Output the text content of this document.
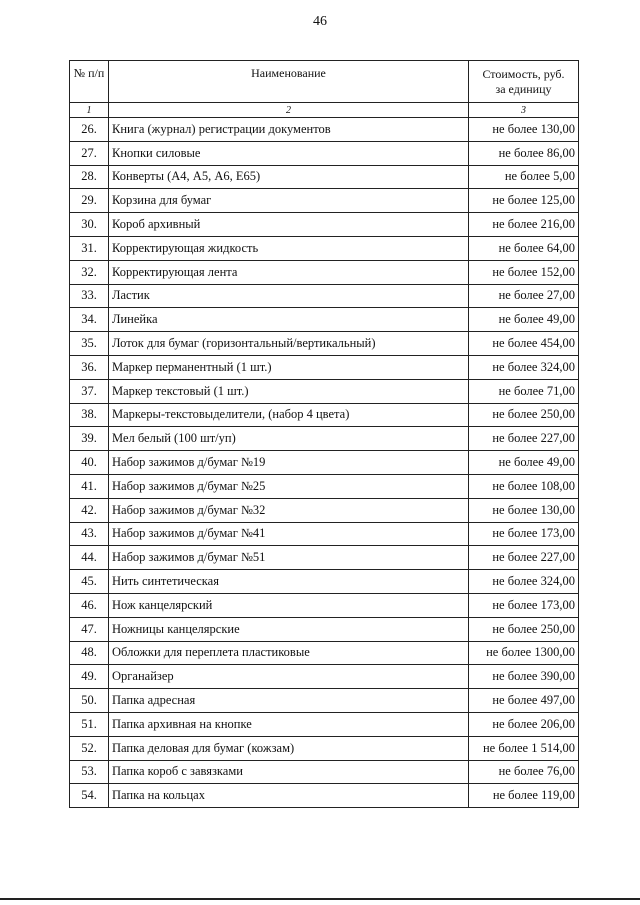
46
№ п/п	Наименование	Стоимость, руб.
за единицу

1	2	3
26.	Книга (журнал) регистрации документов	не более 130,00
27.	Кнопки силовые	не более 86,00
28.	Конверты (А4, А5, А6, Е65)	не более 5,00
29.	Корзина для бумаг	не более 125,00
30.	Короб архивный	не более 216,00
31.	Корректирующая жидкость	не более 64,00
32.	Корректирующая лента	не более 152,00
33.	Ластик	не более 27,00
34.	Линейка	не более 49,00
35.	Лоток для бумаг (горизонтальный/вертикальный)	не более 454,00
36.	Маркер перманентный (1 шт.)	не более 324,00
37.	Маркер текстовый (1 шт.)	не более 71,00
38.	Маркеры-текстовыделители, (набор 4 цвета)	не более 250,00
39.	Мел белый (100 шт/уп)	не более 227,00
40.	Набор зажимов д/бумаг №19	не более 49,00
41.	Набор зажимов д/бумаг №25	не более 108,00
42.	Набор зажимов д/бумаг №32	не более 130,00
43.	Набор зажимов д/бумаг №41	не более 173,00
44.	Набор зажимов д/бумаг №51	не более 227,00
45.	Нить синтетическая	не более 324,00
46.	Нож канцелярский	не более 173,00
47.	Ножницы канцелярские	не более 250,00
48.	Обложки для переплета пластиковые	не более 1300,00
49.	Органайзер	не более 390,00
50.	Папка адресная	не более 497,00
51.	Папка архивная на кнопке	не более 206,00
52.	Папка деловая для бумаг (кожзам)	не более 1 514,00
53.	Папка короб с завязками	не более 76,00
54.	Папка на кольцах	не более 119,00
